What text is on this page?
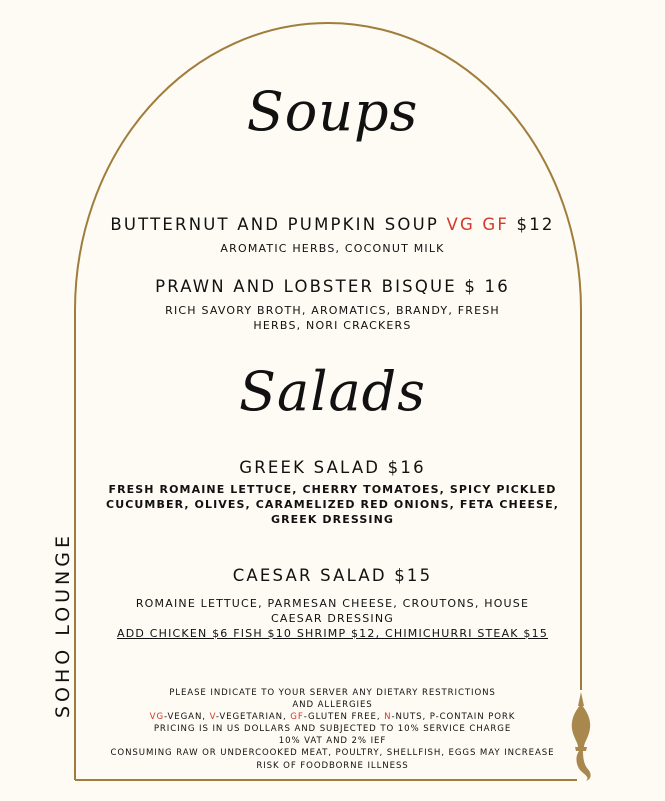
Soups
BUTTERNUT AND PUMPKIN SOUP VG GF $12
AROMATIC HERBS, COCONUT MILK
PRAWN AND LOBSTER BISQUE $ 16
RICH SAVORY BROTH, AROMATICS, BRANDY, FRESH
HERBS, NORI CRACKERS
Salads
GREEK SALAD $16
FRESH ROMAINE LETTUCE, CHERRY TOMATOES, SPICY PICKLED
CUCUMBER, OLIVES, CARAMELIZED RED ONIONS, FETA CHEESE,
GREEK DRESSING
CAESAR SALAD $15
ROMAINE LETTUCE, PARMESAN CHEESE, CROUTONS, HOUSE
CAESAR DRESSING
ADD CHICKEN $6 FISH $10 SHRIMP $12, CHIMICHURRI STEAK $15
SOHO LOUNGE	PLEASE INDICATE TO YOUR SERVER ANY DIETARY RESTRICTIONS
AND ALLERGIES
VG-VEGAN, V-VEGETARIAN, GF-GLUTEN FREE, N-NUTS, P-CONTAIN PORK
PRICING IS IN US DOLLARS AND SUBJECTED TO 10% SERVICE CHARGE
10% VAT AND 2% IEF
CONSUMING RAW OR UNDERCOOKED MEAT, POULTRY, SHELLFISH, EGGS MAY INCREASE
RISK OF FOODBORNE ILLNESS
